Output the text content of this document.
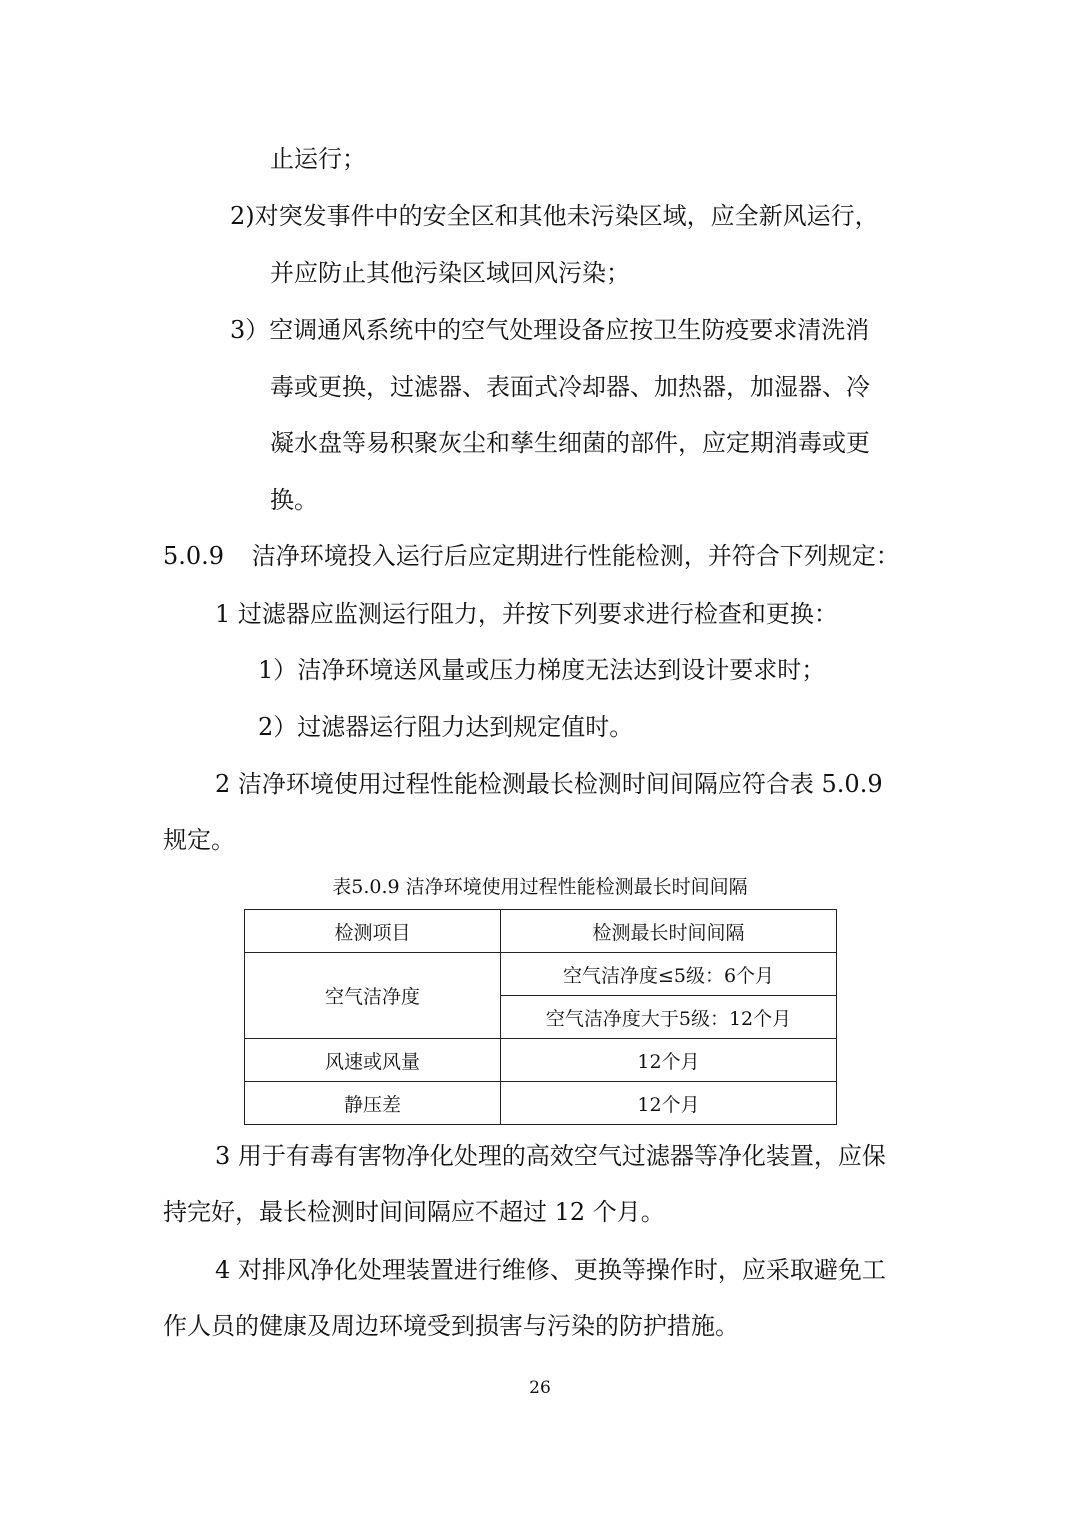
止运行；
2)对突发事件中的安全区和其他未污染区域，应全新风运行，
并应防止其他污染区域回风污染；
3）空调通风系统中的空气处理设备应按卫生防疫要求清洗消
毒或更换，过滤器、表面式冷却器、加热器，加湿器、冷
凝水盘等易积聚灰尘和孳生细菌的部件，应定期消毒或更
换。
5.0.9 洁净环境投入运行后应定期进行性能检测，并符合下列规定：
1 过滤器应监测运行阻力，并按下列要求进行检查和更换：
1）洁净环境送风量或压力梯度无法达到设计要求时；
2）过滤器运行阻力达到规定值时。
2 洁净环境使用过程性能检测最长检测时间间隔应符合表 5.0.9
规定。
表5.0.9 洁净环境使用过程性能检测最长时间间隔
检测项目	检测最长时间间隔
空气洁净度	空气洁净度≤5级：6个月
	空气洁净度大于5级：12个月
风速或风量	12个月
静压差	12个月
3 用于有毒有害物净化处理的高效空气过滤器等净化装置，应保
持完好，最长检测时间间隔应不超过 12 个月。
4 对排风净化处理装置进行维修、更换等操作时，应采取避免工
作人员的健康及周边环境受到损害与污染的防护措施。
26
